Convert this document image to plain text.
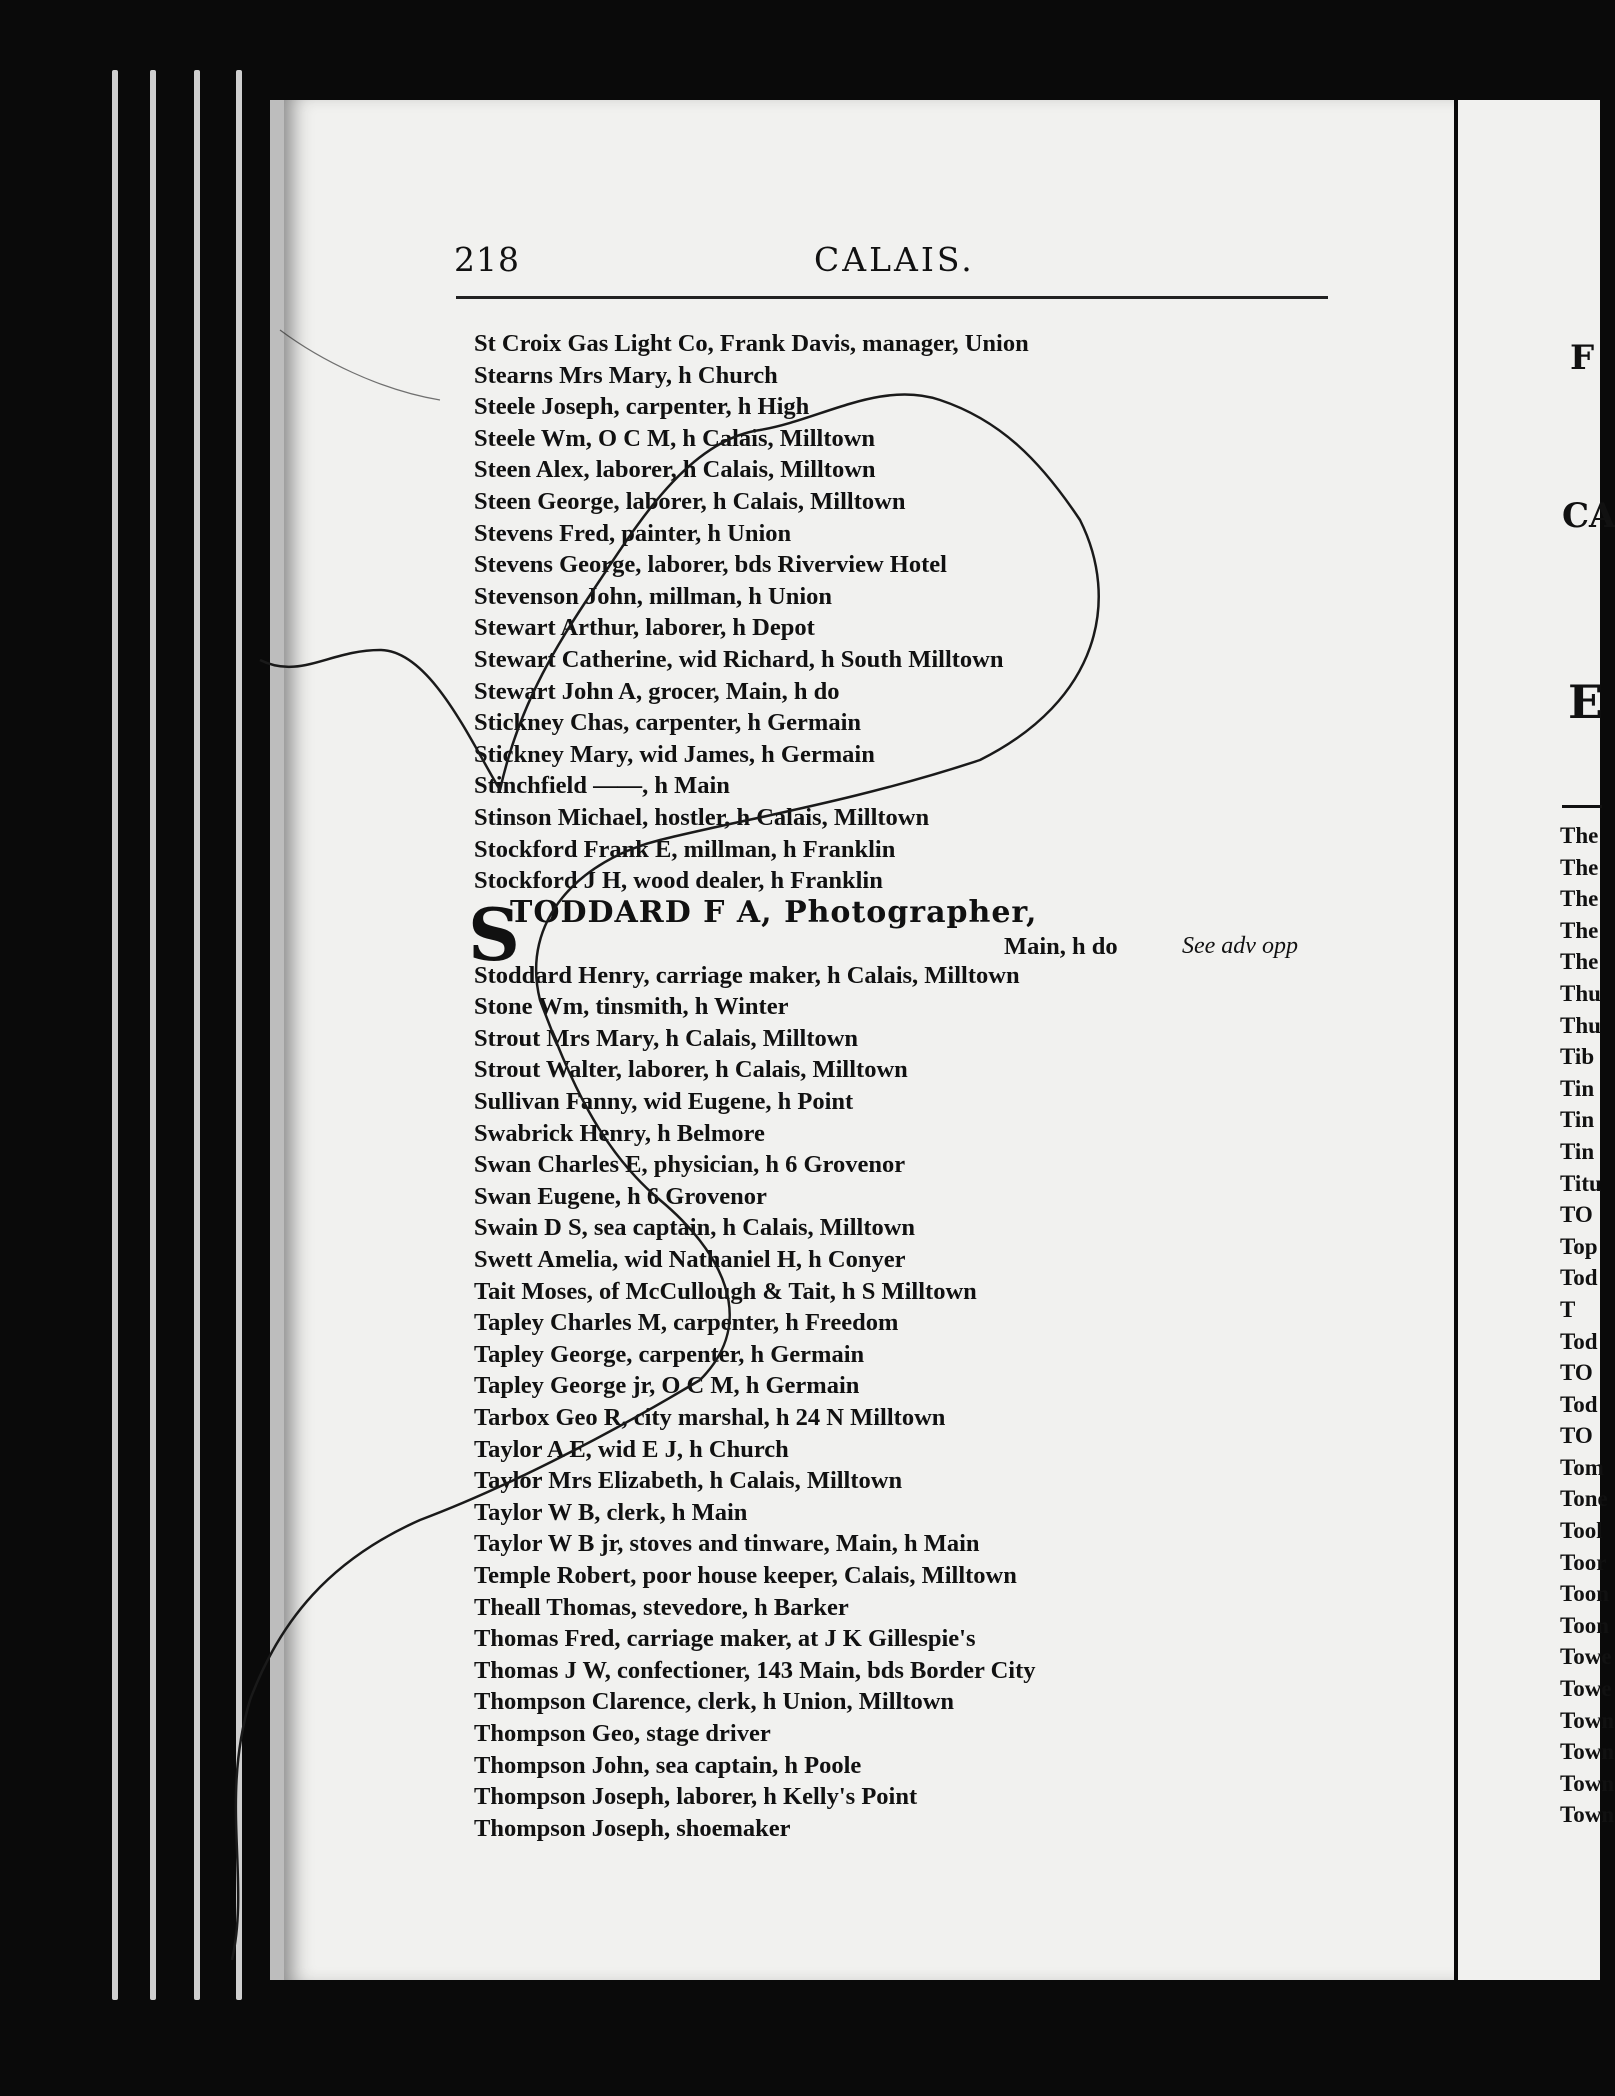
218	CALAIS.
St Croix Gas Light Co, Frank Davis, manager, Union
Stearns Mrs Mary, h Church
Steele Joseph, carpenter, h High
Steele Wm, O C M, h Calais, Milltown
Steen Alex, laborer, h Calais, Milltown
Steen George, laborer, h Calais, Milltown
Stevens Fred, painter, h Union
Stevens George, laborer, bds Riverview Hotel
Stevenson John, millman, h Union
Stewart Arthur, laborer, h Depot
Stewart Catherine, wid Richard, h South Milltown
Stewart John A, grocer, Main, h do
Stickney Chas, carpenter, h Germain
Stickney Mary, wid James, h Germain
Stinchfield ——, h Main
Stinson Michael, hostler, h Calais, Milltown
Stockford Frank E, millman, h Franklin
Stockford J H, wood dealer, h Franklin
S
TODDARD F A, Photographer,
Main, h do	See adv opp
Stoddard Henry, carriage maker, h Calais, Milltown
Stone Wm, tinsmith, h Winter
Strout Mrs Mary, h Calais, Milltown
Strout Walter, laborer, h Calais, Milltown
Sullivan Fanny, wid Eugene, h Point
Swabrick Henry, h Belmore
Swan Charles E, physician, h 6 Grovenor
Swan Eugene, h 6 Grovenor
Swain D S, sea captain, h Calais, Milltown
Swett Amelia, wid Nathaniel H, h Conyer
Tait Moses, of McCullough & Tait, h S Milltown
Tapley Charles M, carpenter, h Freedom
Tapley George, carpenter, h Germain
Tapley George jr, O C M, h Germain
Tarbox Geo R, city marshal, h 24 N Milltown
Taylor A E, wid E J, h Church
Taylor Mrs Elizabeth, h Calais, Milltown
Taylor W B, clerk, h Main
Taylor W B jr, stoves and tinware, Main, h Main
Temple Robert, poor house keeper, Calais, Milltown
Theall Thomas, stevedore, h Barker
Thomas Fred, carriage maker, at J K Gillespie's
Thomas J W, confectioner, 143 Main, bds Border City
Thompson Clarence, clerk, h Union, Milltown
Thompson Geo, stage driver
Thompson John, sea captain, h Poole
Thompson Joseph, laborer, h Kelly's Point
Thompson Joseph, shoemaker
F
CA
E
The
The
The
The
The
Thu
Thu
Tib
Tin
Tin
Tin
Titu
TO
Top
Tod
T
Tod
TO
Tod
TO
Tom
Tone
Tool
Toor
Toon
Toon
Towe
Towe
Town
Town
Town
Town
